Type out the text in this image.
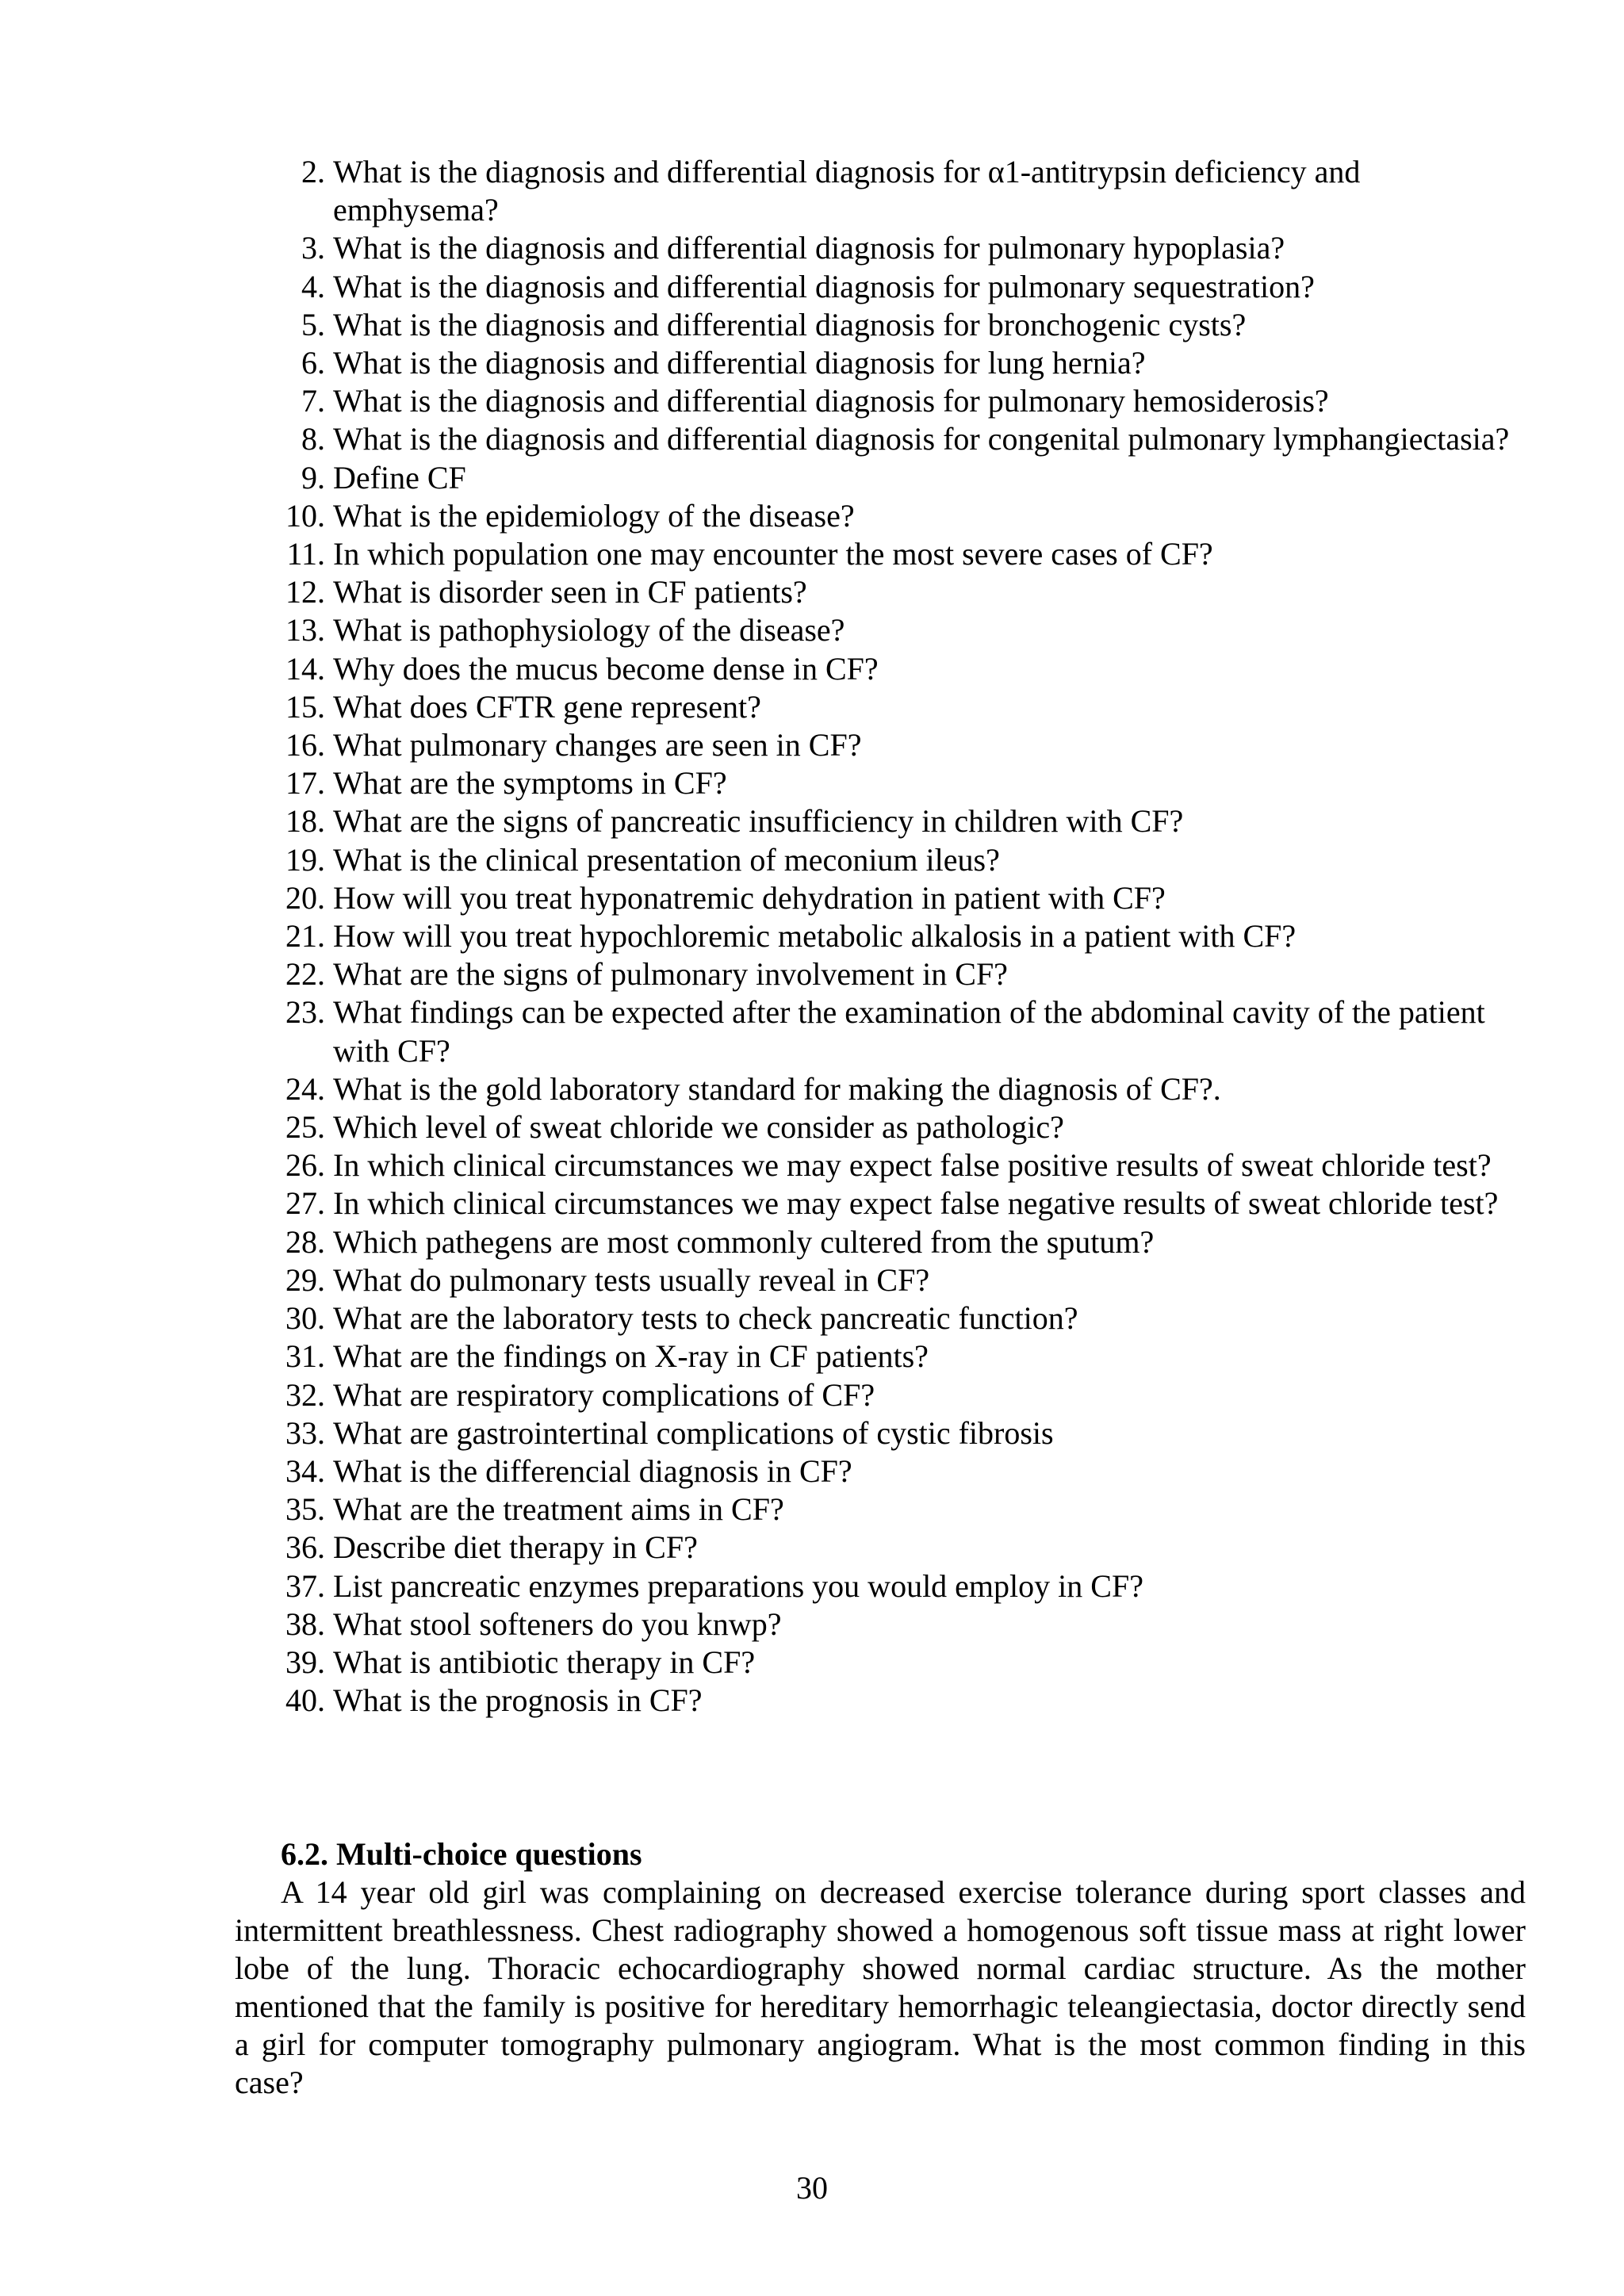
2. What is the diagnosis and differential diagnosis for α1-antitrypsin deficiency and emphysema?
3. What is the diagnosis and differential diagnosis for pulmonary hypoplasia?
4. What is the diagnosis and differential diagnosis for pulmonary sequestration?
5. What is the diagnosis and differential diagnosis for bronchogenic cysts?
6. What is the diagnosis and differential diagnosis for lung hernia?
7. What is the diagnosis and differential diagnosis for pulmonary hemosiderosis?
8. What is the diagnosis and differential diagnosis for congenital pulmonary lymphangiectasia?
9. Define CF
10. What is the epidemiology of the disease?
11. In which population one may encounter the most severe cases of CF?
12. What is disorder seen in CF patients?
13. What is pathophysiology of the disease?
14. Why does the mucus become dense in CF?
15. What does CFTR gene represent?
16. What pulmonary changes are seen in CF?
17. What are the symptoms in CF?
18. What are the signs of pancreatic insufficiency in children with CF?
19. What is the clinical presentation of meconium ileus?
20. How will you treat hyponatremic dehydration in patient with CF?
21. How will you treat hypochloremic metabolic alkalosis in a patient with CF?
22. What are the signs of pulmonary involvement in CF?
23. What findings can be expected after the examination of the abdominal cavity of the patient with CF?
24. What is the gold laboratory standard for making the diagnosis of CF?.
25. Which level of sweat chloride we consider as pathologic?
26. In which clinical circumstances we may expect false positive results of sweat chloride test?
27. In which clinical circumstances we may expect false negative results of sweat chloride test?
28. Which pathegens are most commonly cultered from the sputum?
29. What do pulmonary tests usually reveal in CF?
30. What are the laboratory tests to check pancreatic function?
31. What are the findings on X-ray in CF patients?
32. What are respiratory complications of CF?
33. What are gastrointertinal complications of cystic fibrosis
34. What is the differencial diagnosis in CF?
35. What are the treatment aims in CF?
36. Describe diet therapy in CF?
37. List pancreatic enzymes preparations you would employ in CF?
38. What stool softeners do you knwp?
39. What is antibiotic therapy in CF?
40. What is the prognosis in CF?

6.2. Multi-choice questions

A 14 year old girl was complaining on decreased exercise tolerance during sport classes and intermittent breathlessness. Chest radiography showed a homogenous soft tissue mass at right lower lobe of the lung. Thoracic echocardiography showed normal cardiac structure. As the mother mentioned that the family is positive for hereditary hemorrhagic teleangiectasia, doctor directly send a girl for computer tomography pulmonary angiogram. What is the most common finding in this case?

30
